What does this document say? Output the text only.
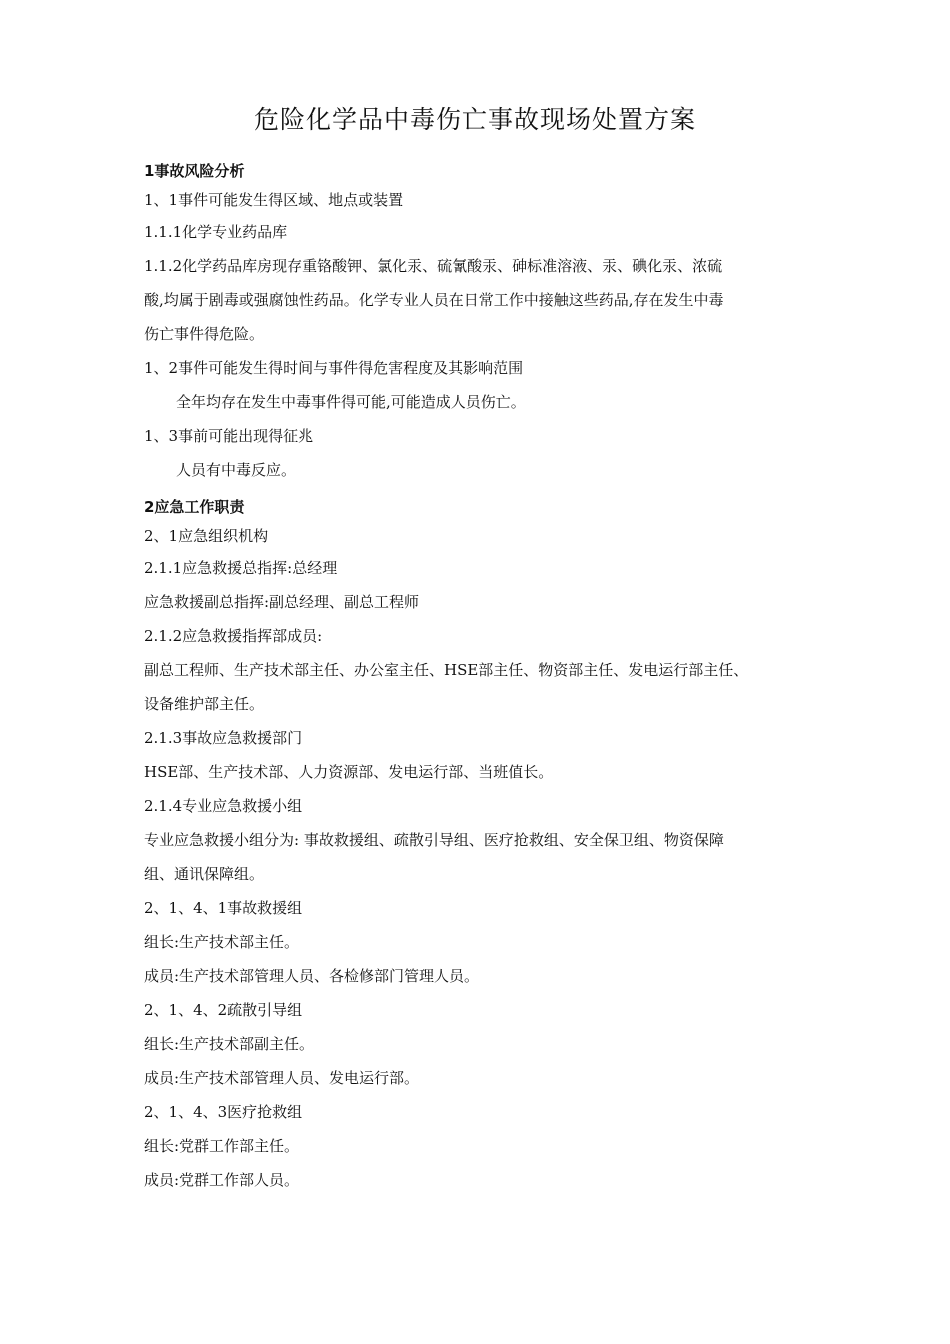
危险化学品中毒伤亡事故现场处置方案
1事故风险分析
1、1事件可能发生得区域、地点或装置
1.1.1化学专业药品库
1.1.2化学药品库房现存重铬酸钾、氯化汞、硫氰酸汞、砷标准溶液、汞、碘化汞、浓硫
酸,均属于剧毒或强腐蚀性药品。化学专业人员在日常工作中接触这些药品,存在发生中毒
伤亡事件得危险。
1、2事件可能发生得时间与事件得危害程度及其影响范围
全年均存在发生中毒事件得可能,可能造成人员伤亡。
1、3事前可能出现得征兆
人员有中毒反应。
2应急工作职责
2、1应急组织机构
2.1.1应急救援总指挥:总经理
应急救援副总指挥:副总经理、副总工程师
2.1.2应急救援指挥部成员:
副总工程师、生产技术部主任、办公室主任、HSE部主任、物资部主任、发电运行部主任、
设备维护部主任。
2.1.3事故应急救援部门
HSE部、生产技术部、人力资源部、发电运行部、当班值长。
2.1.4专业应急救援小组
专业应急救援小组分为: 事故救援组、疏散引导组、医疗抢救组、安全保卫组、物资保障
组、通讯保障组。
2、1、4、1事故救援组
组长:生产技术部主任。
成员:生产技术部管理人员、各检修部门管理人员。
2、1、4、2疏散引导组
组长:生产技术部副主任。
成员:生产技术部管理人员、发电运行部。
2、1、4、3医疗抢救组
组长:党群工作部主任。
成员:党群工作部人员。
